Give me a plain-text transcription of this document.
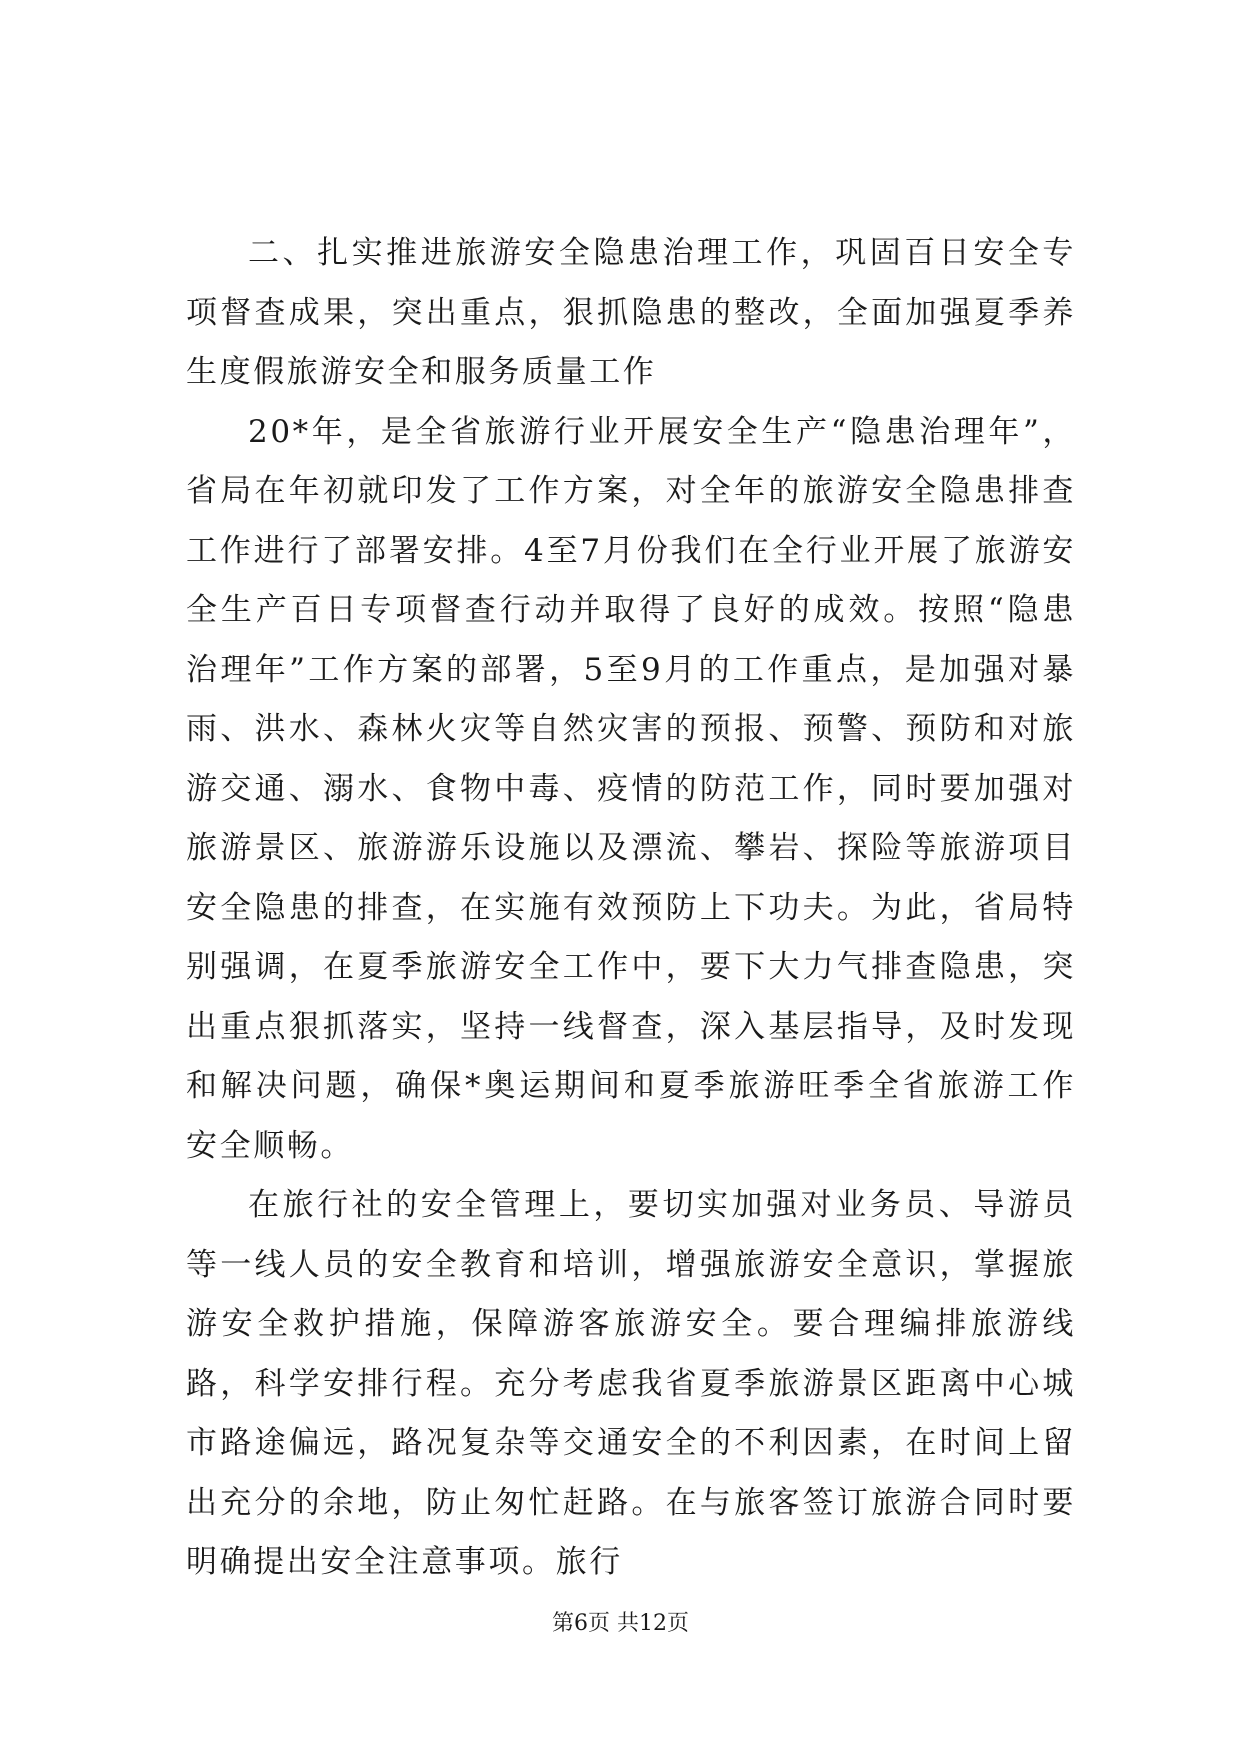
二、扎实推进旅游安全隐患治理工作，巩固百日安全专项督查成果，突出重点，狠抓隐患的整改，全面加强夏季养生度假旅游安全和服务质量工作

20*年，是全省旅游行业开展安全生产“隐患治理年”，省局在年初就印发了工作方案，对全年的旅游安全隐患排查工作进行了部署安排。4至7月份我们在全行业开展了旅游安全生产百日专项督查行动并取得了良好的成效。按照“隐患治理年”工作方案的部署，5至9月的工作重点，是加强对暴雨、洪水、森林火灾等自然灾害的预报、预警、预防和对旅游交通、溺水、食物中毒、疫情的防范工作，同时要加强对旅游景区、旅游游乐设施以及漂流、攀岩、探险等旅游项目安全隐患的排查，在实施有效预防上下功夫。为此，省局特别强调，在夏季旅游安全工作中，要下大力气排查隐患，突出重点狠抓落实，坚持一线督查，深入基层指导，及时发现和解决问题，确保*奥运期间和夏季旅游旺季全省旅游工作安全顺畅。

在旅行社的安全管理上，要切实加强对业务员、导游员等一线人员的安全教育和培训，增强旅游安全意识，掌握旅游安全救护措施，保障游客旅游安全。要合理编排旅游线路，科学安排行程。充分考虑我省夏季旅游景区距离中心城市路途偏远，路况复杂等交通安全的不利因素，在时间上留出充分的余地，防止匆忙赶路。在与旅客签订旅游合同时要明确提出安全注意事项。旅行

第6页 共12页
